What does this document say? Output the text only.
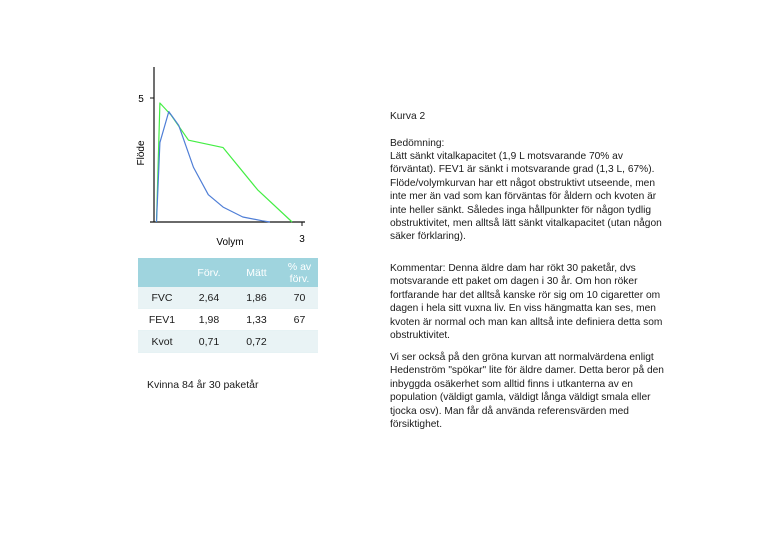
5
3
Volym
Flöde
	Förv.	Mätt	% av förv.
FVC	2,64	1,86	70
FEV1	1,98	1,33	67
Kvot	0,71	0,72	
Kvinna 84 år 30 paketår
Kurva 2
Bedömning:
Lätt sänkt vitalkapacitet (1,9 L motsvarande 70% av förväntat). FEV1 är sänkt i motsvarande grad (1,3 L, 67%). Flöde/volymkurvan har ett något obstruktivt utseende, men inte mer än vad som kan förväntas för åldern och kvoten är inte heller sänkt. Således inga hållpunkter för någon tydlig obstruktivitet, men alltså lätt sänkt vitalkapacitet (utan någon säker förklaring).
Kommentar: Denna äldre dam har rökt 30 paketår, dvs motsvarande ett paket om dagen i 30 år. Om hon röker fortfarande har det alltså kanske rör sig om 10 cigaretter om dagen i hela sitt vuxna liv. En viss hängmatta kan ses, men kvoten är normal och man kan alltså inte definiera detta som obstruktivitet.
Vi ser också på den gröna kurvan att normalvärdena enligt Hedenström "spökar" lite för äldre damer. Detta beror på den inbyggda osäkerhet som alltid finns i utkanterna av en population (väldigt gamla, väldigt långa väldigt smala eller tjocka osv). Man får då använda referensvärden med försiktighet.
